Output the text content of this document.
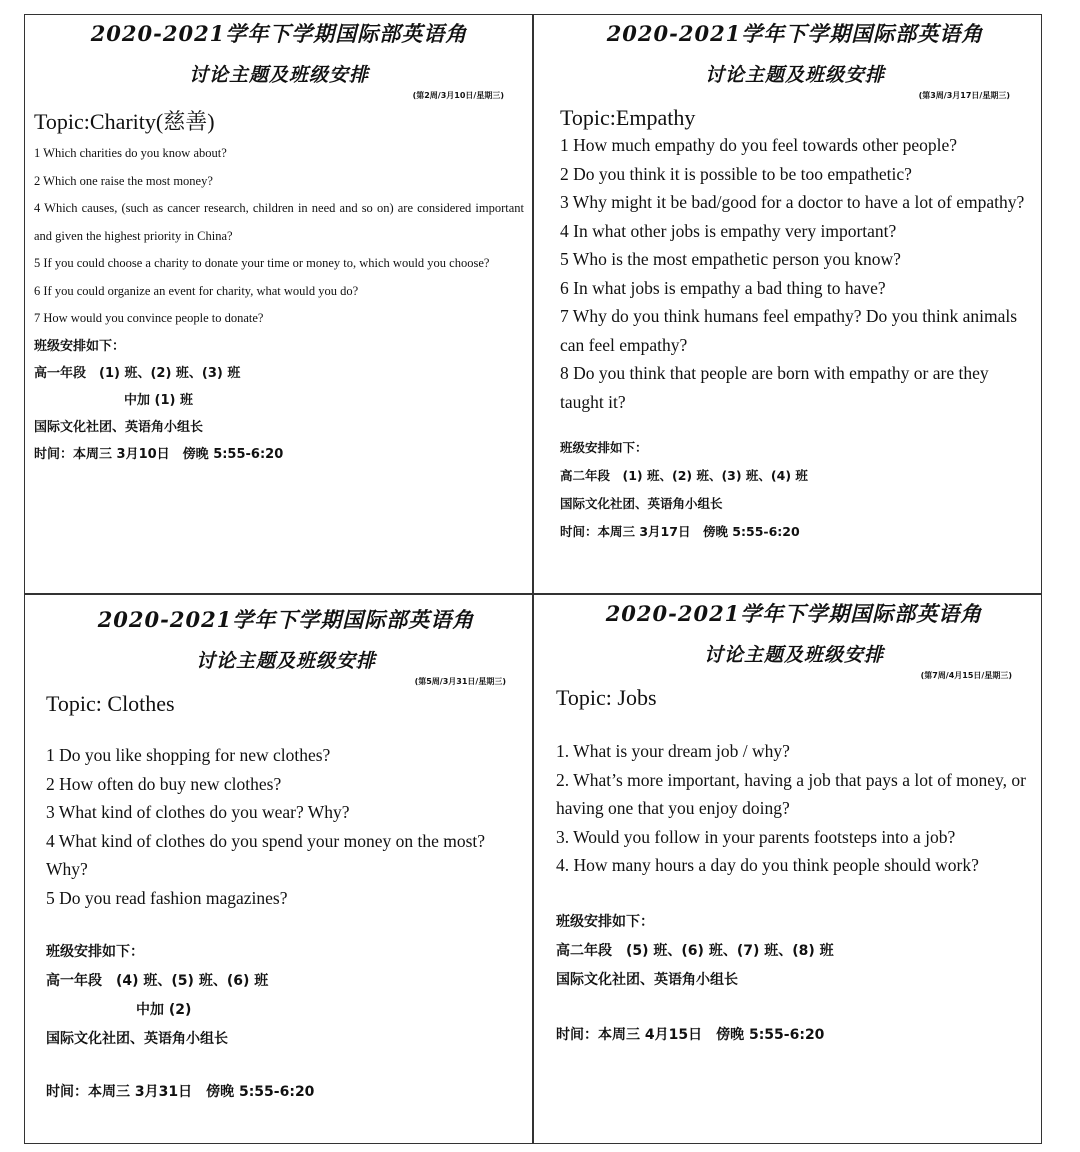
2020-2021学年下学期国际部英语角
讨论主题及班级安排
(第2周/3月10日/星期三)
Topic:Charity(慈善)

1 Which charities do you know about?

2 Which one raise the most money?

4 Which causes, (such as cancer research, children in need and so on) are considered important and given the highest priority in China?

5 If you could choose a charity to donate your time or money to, which would you choose?

6 If you could organize an event for charity, what would you do?

7 How would you convince people to donate?

班级安排如下：
高一年段　(1) 班、(2) 班、(3) 班
中加 (1) 班
国际文化社团、英语角小组长
时间：本周三 3月10日　傍晚 5:55-6:20
2020-2021学年下学期国际部英语角
讨论主题及班级安排
(第3周/3月17日/星期三)
Topic:Empathy

1 How much empathy do you feel towards other people?

2 Do you think it is possible to be too empathetic?

3 Why might it be bad/good for a doctor to have a lot of empathy?

4 In what other jobs is empathy very important?

5 Who is the most empathetic person you know?

6 In what jobs is empathy a bad thing to have?

7 Why do you think humans feel empathy? Do you think animals can feel empathy?

8 Do you think that people are born with empathy or are they taught it?

班级安排如下：
高二年段　(1) 班、(2) 班、(3) 班、(4) 班
国际文化社团、英语角小组长
时间：本周三 3月17日　傍晚 5:55-6:20
2020-2021学年下学期国际部英语角
讨论主题及班级安排
(第5周/3月31日/星期三)
Topic: Clothes

1 Do you like shopping for new clothes?

2 How often do buy new clothes?

3 What kind of clothes do you wear? Why?

4 What kind of clothes do you spend your money on the most? Why?

5 Do you read fashion magazines?

班级安排如下：
高一年段　(4) 班、(5) 班、(6) 班
中加 (2)
国际文化社团、英语角小组长
时间：本周三 3月31日　傍晚 5:55-6:20
2020-2021学年下学期国际部英语角
讨论主题及班级安排
(第7周/4月15日/星期三)
Topic: Jobs

1. What is your dream job / why?

2. What’s more important, having a job that pays a lot of money, or having one that you enjoy doing?

3. Would you follow in your parents footsteps into a job?

4. How many hours a day do you think people should work?

班级安排如下：
高二年段　(5) 班、(6) 班、(7) 班、(8) 班
国际文化社团、英语角小组长
时间：本周三 4月15日　傍晚 5:55-6:20
